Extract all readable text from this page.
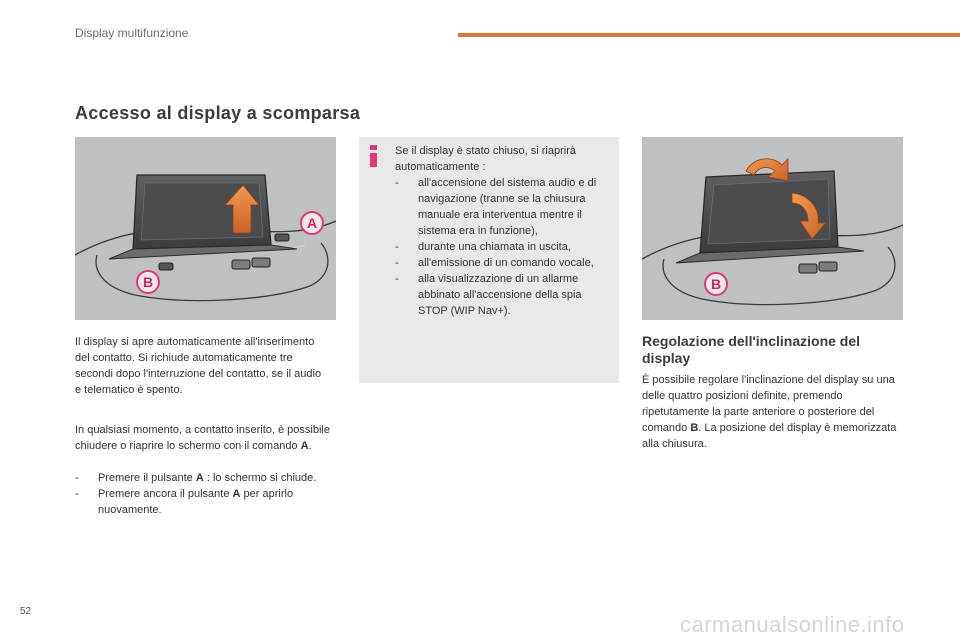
Display multifunzione
Accesso al display a scomparsa
A
B

Il display si apre automaticamente all'inserimento del contatto. Si richiude automaticamente tre secondi dopo l'interruzione del contatto, se il audio e telematico è spento.

In qualsiasi momento, a contatto inserito, è possibile chiudere o riaprire lo schermo con il comando A.

- Premere il pulsante A : lo schermo si chiude.
- Premere ancora il pulsante A per aprirlo nuovamente.

Se il display è stato chiuso, si riaprirà automaticamente :

- all'accensione del sistema audio e di navigazione (tranne se la chiusura manuale era interventua mentre il sistema era in funzione),
- durante una chiamata in uscita,
- all'emissione di un comando vocale,
- alla visualizzazione di un allarme abbinato all'accensione della spia STOP (WIP Nav+).
B
Regolazione dell'inclinazione del display

È possibile regolare l'inclinazione del display su una delle quattro posizioni definite, premendo ripetutamente la parte anteriore o posteriore del comando B. La posizione del display è memorizzata alla chiusura.

52
carmanualsonline.info
